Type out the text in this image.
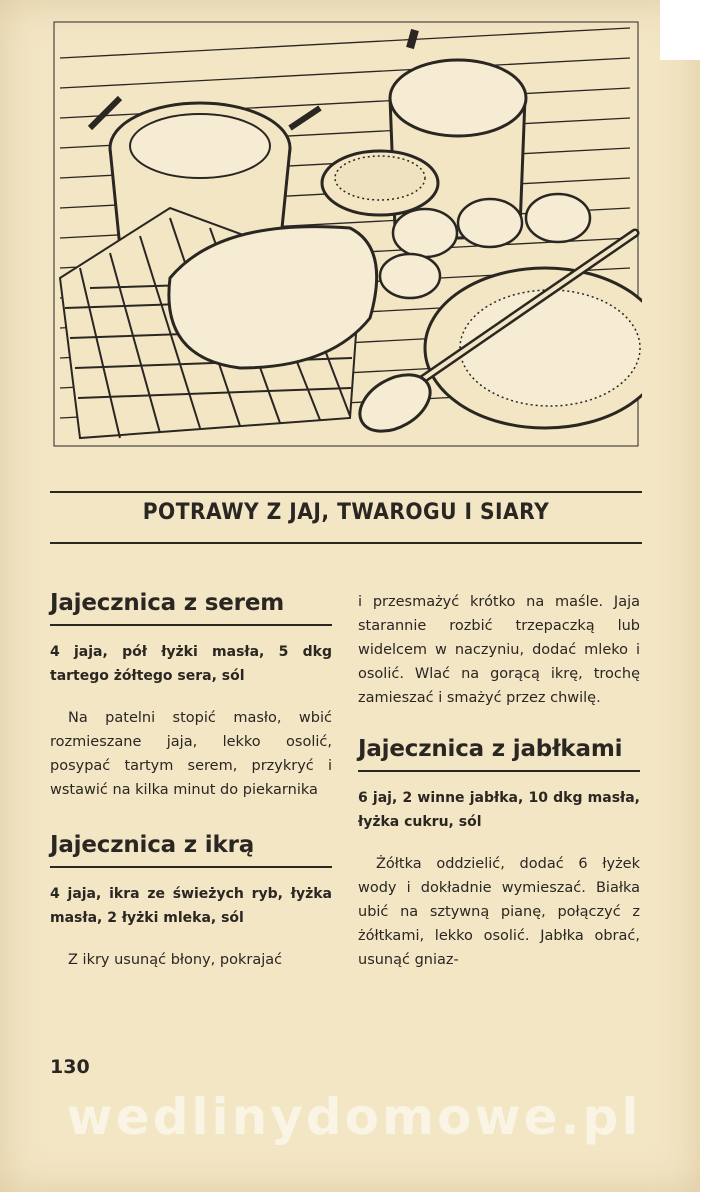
POTRAWY Z JAJ, TWAROGU I SIARY
Jajecznica z serem

4 jaja, pół łyżki masła, 5 dkg tartego żółtego sera, sól

Na patelni stopić masło, wbić rozmieszane jaja, lekko osolić, posypać tartym serem, przykryć i wstawić na kilka minut do piekarnika

Jajecznica z ikrą

4 jaja, ikra ze świeżych ryb, łyżka masła, 2 łyżki mleka, sól

Z ikry usunąć błony, pokrajać

i przesmażyć krótko na maśle. Jaja starannie rozbić trzepaczką lub widelcem w naczyniu, dodać mleko i osolić. Wlać na gorącą ikrę, trochę zamieszać i smażyć przez chwilę.

Jajecznica z jabłkami

6 jaj, 2 winne jabłka, 10 dkg masła, łyżka cukru, sól

Żółtka oddzielić, dodać 6 łyżek wody i dokładnie wymieszać. Białka ubić na sztywną pianę, połączyć z żółtkami, lekko osolić. Jabłka obrać, usunąć gniaz-

130
wedlinydomowe.pl
